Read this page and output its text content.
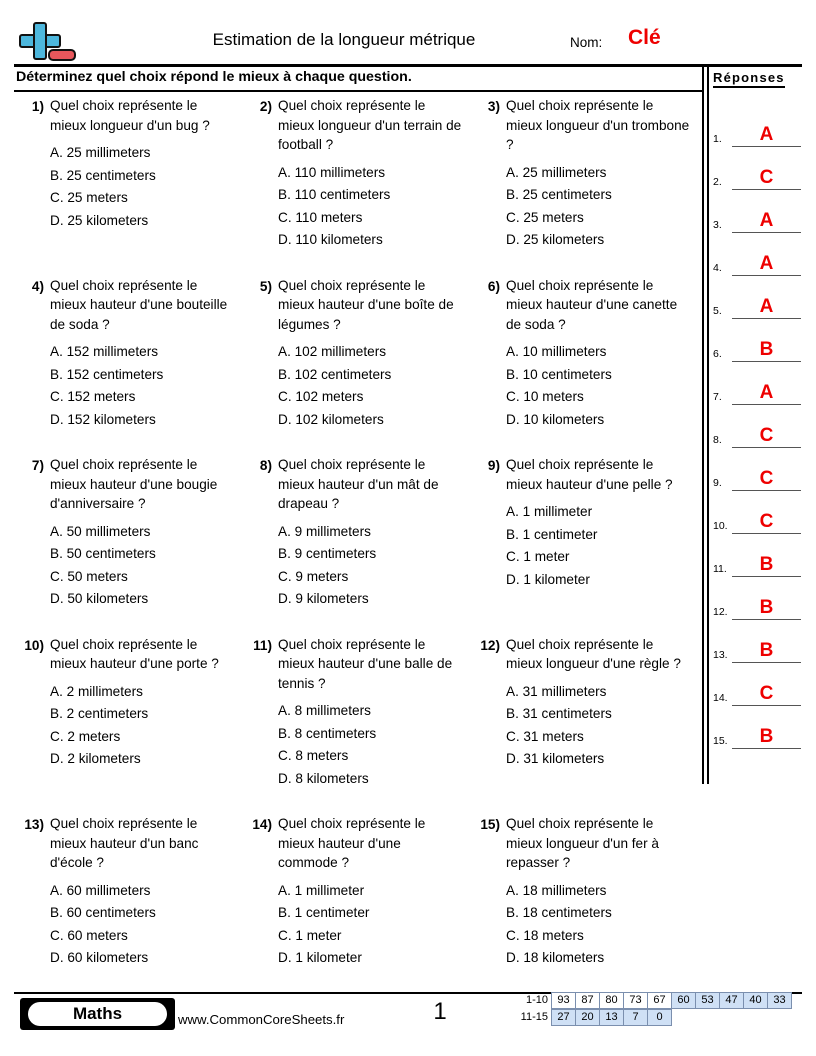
Estimation de la longueur métrique	Nom: Clé
Déterminez quel choix répond le mieux à chaque question.
1) Quel choix représente le mieux longueur d'un bug ?
A. 25 millimeters
B. 25 centimeters
C. 25 meters
D. 25 kilometers
2) Quel choix représente le mieux longueur d'un terrain de football ?
A. 110 millimeters
B. 110 centimeters
C. 110 meters
D. 110 kilometers
3) Quel choix représente le mieux longueur d'un trombone ?
A. 25 millimeters
B. 25 centimeters
C. 25 meters
D. 25 kilometers
4) Quel choix représente le mieux hauteur d'une bouteille de soda ?
A. 152 millimeters
B. 152 centimeters
C. 152 meters
D. 152 kilometers
5) Quel choix représente le mieux hauteur d'une boîte de légumes ?
A. 102 millimeters
B. 102 centimeters
C. 102 meters
D. 102 kilometers
6) Quel choix représente le mieux hauteur d'une canette de soda ?
A. 10 millimeters
B. 10 centimeters
C. 10 meters
D. 10 kilometers
7) Quel choix représente le mieux hauteur d'une bougie d'anniversaire ?
A. 50 millimeters
B. 50 centimeters
C. 50 meters
D. 50 kilometers
8) Quel choix représente le mieux hauteur d'un mât de drapeau ?
A. 9 millimeters
B. 9 centimeters
C. 9 meters
D. 9 kilometers
9) Quel choix représente le mieux hauteur d'une pelle ?
A. 1 millimeter
B. 1 centimeter
C. 1 meter
D. 1 kilometer
10) Quel choix représente le mieux hauteur d'une porte ?
A. 2 millimeters
B. 2 centimeters
C. 2 meters
D. 2 kilometers
11) Quel choix représente le mieux hauteur d'une balle de tennis ?
A. 8 millimeters
B. 8 centimeters
C. 8 meters
D. 8 kilometers
12) Quel choix représente le mieux longueur d'une règle ?
A. 31 millimeters
B. 31 centimeters
C. 31 meters
D. 31 kilometers
13) Quel choix représente le mieux hauteur d'un banc d'école ?
A. 60 millimeters
B. 60 centimeters
C. 60 meters
D. 60 kilometers
14) Quel choix représente le mieux hauteur d'une commode ?
A. 1 millimeter
B. 1 centimeter
C. 1 meter
D. 1 kilometer
15) Quel choix représente le mieux longueur d'un fer à repasser ?
A. 18 millimeters
B. 18 centimeters
C. 18 meters
D. 18 kilometers
Réponses
1.	A
2.	C
3.	A
4.	A
5.	A
6.	B
7.	A
8.	C
9.	C
10.	C
11.	B
12.	B
13.	B
14.	C
15.	B
Maths	www.CommonCoreSheets.fr	1	1-10 93	87	80	73	67	60	53	47	40	33
11-15 27	20	13	7	0
